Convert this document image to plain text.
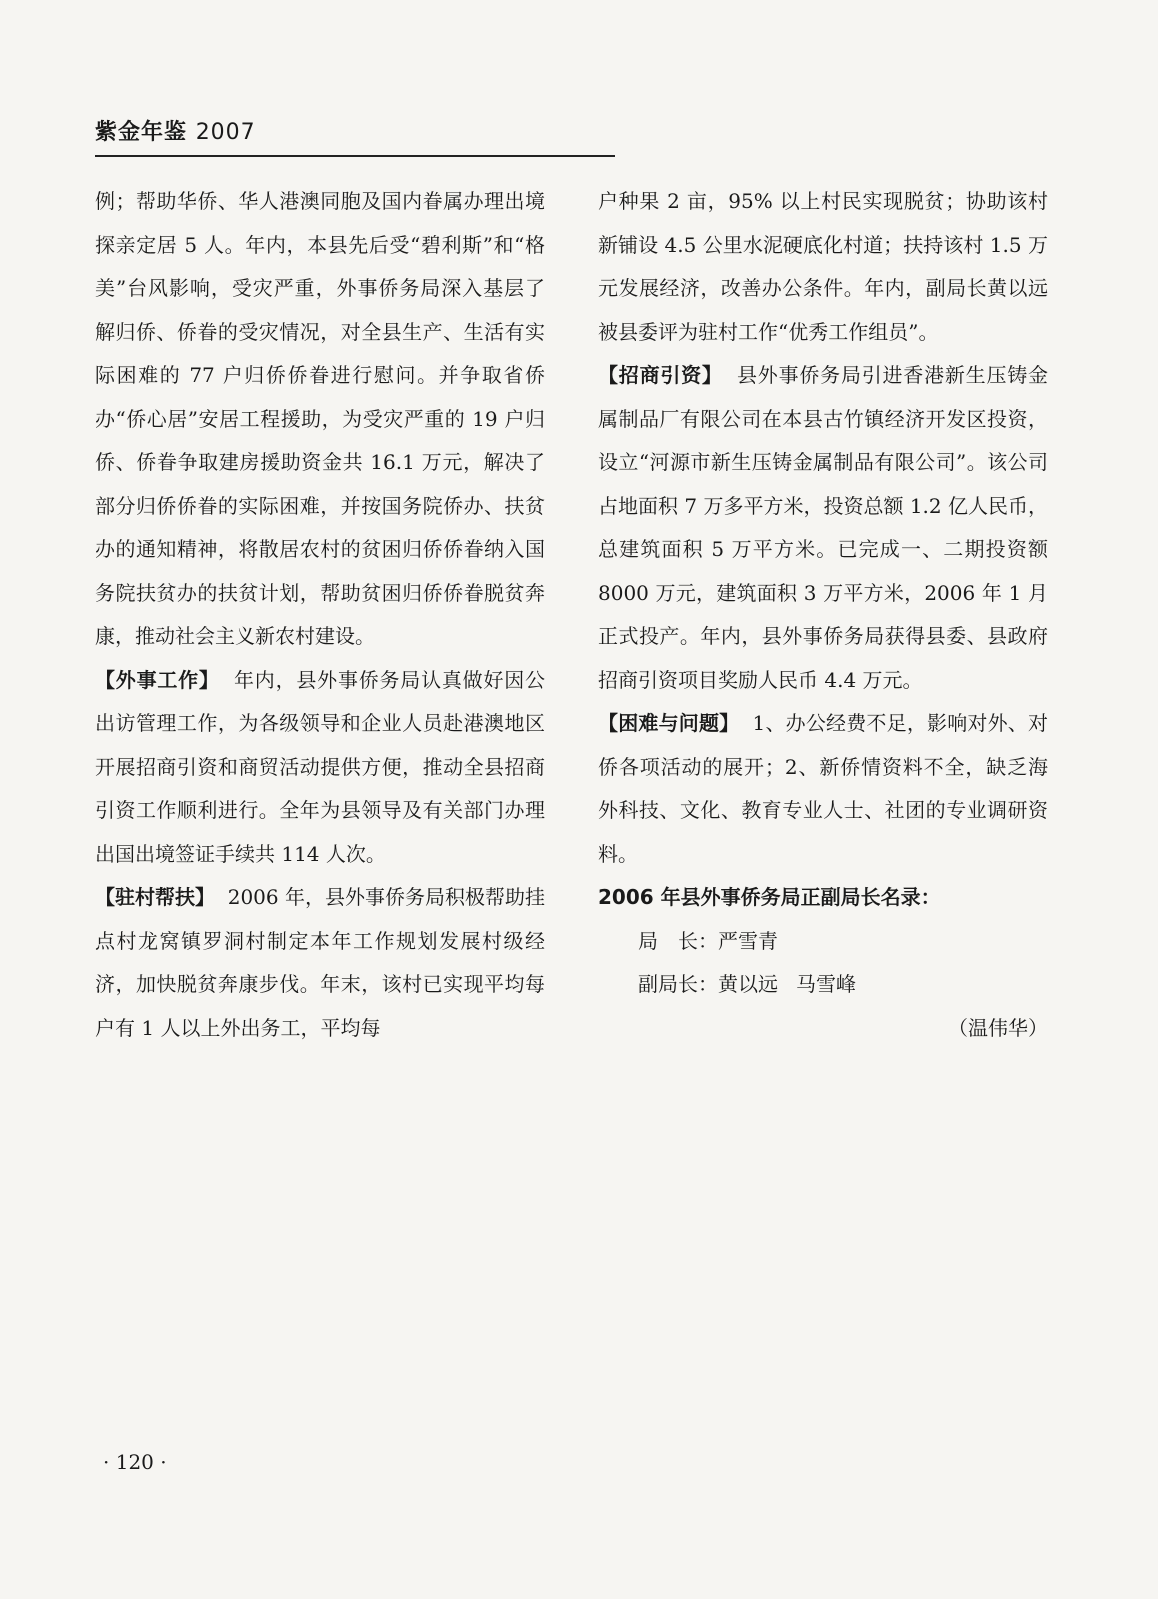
紫金年鉴 2007

例；帮助华侨、华人港澳同胞及国内眷属办理出境探亲定居 5 人。年内，本县先后受“碧利斯”和“格美”台风影响，受灾严重，外事侨务局深入基层了解归侨、侨眷的受灾情况，对全县生产、生活有实际困难的 77 户归侨侨眷进行慰问。并争取省侨办“侨心居”安居工程援助，为受灾严重的 19 户归侨、侨眷争取建房援助资金共 16.1 万元，解决了部分归侨侨眷的实际困难，并按国务院侨办、扶贫办的通知精神，将散居农村的贫困归侨侨眷纳入国务院扶贫办的扶贫计划，帮助贫困归侨侨眷脱贫奔康，推动社会主义新农村建设。

【外事工作】 年内，县外事侨务局认真做好因公出访管理工作，为各级领导和企业人员赴港澳地区开展招商引资和商贸活动提供方便，推动全县招商引资工作顺利进行。全年为县领导及有关部门办理出国出境签证手续共 114 人次。

【驻村帮扶】 2006 年，县外事侨务局积极帮助挂点村龙窝镇罗洞村制定本年工作规划发展村级经济，加快脱贫奔康步伐。年末，该村已实现平均每户有 1 人以上外出务工，平均每

户种果 2 亩，95% 以上村民实现脱贫；协助该村新铺设 4.5 公里水泥硬底化村道；扶持该村 1.5 万元发展经济，改善办公条件。年内，副局长黄以远被县委评为驻村工作“优秀工作组员”。

【招商引资】 县外事侨务局引进香港新生压铸金属制品厂有限公司在本县古竹镇经济开发区投资，设立“河源市新生压铸金属制品有限公司”。该公司占地面积 7 万多平方米，投资总额 1.2 亿人民币，总建筑面积 5 万平方米。已完成一、二期投资额 8000 万元，建筑面积 3 万平方米，2006 年 1 月正式投产。年内，县外事侨务局获得县委、县政府招商引资项目奖励人民币 4.4 万元。

【困难与问题】 1、办公经费不足，影响对外、对侨各项活动的展开；2、新侨情资料不全，缺乏海外科技、文化、教育专业人士、社团的专业调研资料。

2006 年县外事侨务局正副局长名录：

局　长：严雪青

副局长：黄以远 马雪峰

（温伟华）

· 120 ·
